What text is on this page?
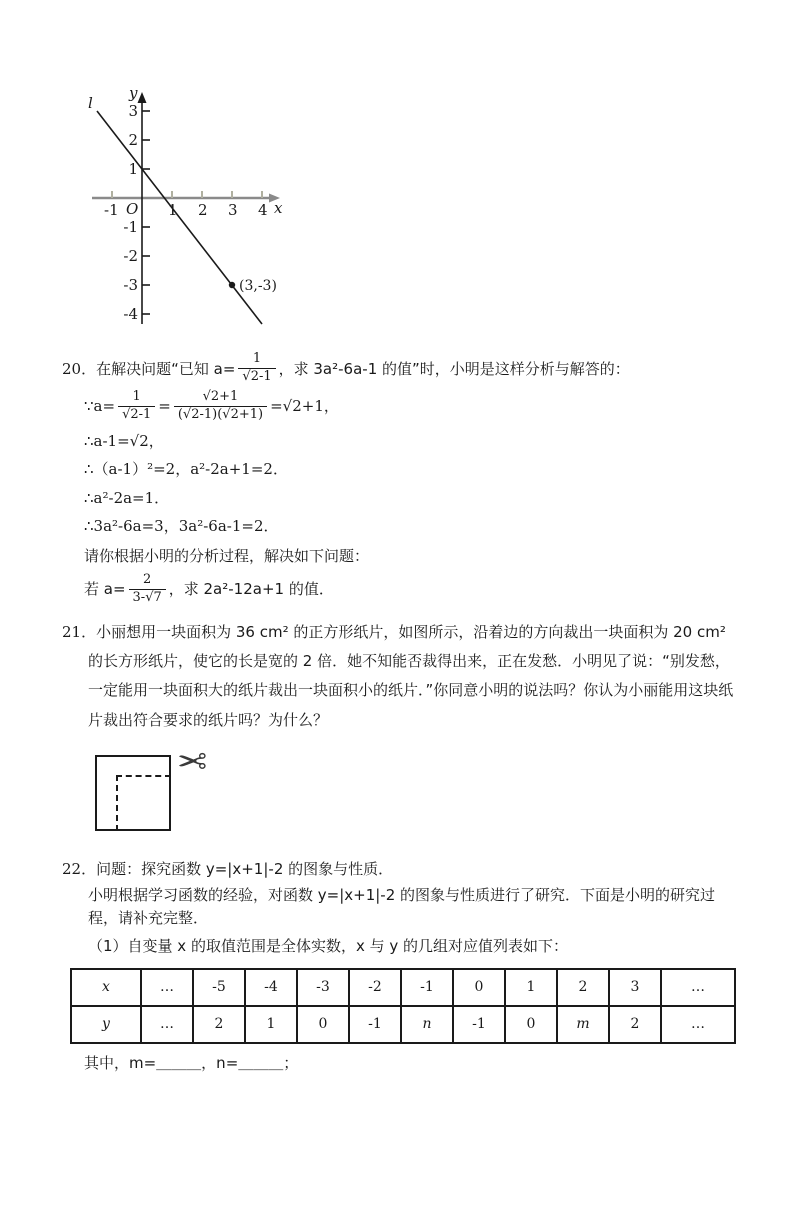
l
y
x
O
-1	1 2 3 4
3
2
1
-1
-2
-3
-4
(3,-3)
20． 在解决问题“已知 $a= \frac{1}{√2-1}$ ，求 3a²-6a-1 的值”时，小明是这样分析与解答的：
∵a= $\frac{1}{√2-1} = \frac{√2+1}{(√2-1)(√2+1)} =√2+1$，
∴a-1=√2，
∴（a-1）²=2，a²-2a+1=2．
∴a²-2a=1．
∴3a²-6a=3，3a²-6a-1=2．
请你根据小明的分析过程，解决如下问题：
若 $a= \frac{2}{3-√7}$ ，求 2a²-12a+1 的值．
21．小丽想用一块面积为 36 cm² 的正方形纸片，如图所示，沿着边的方向裁出一块面积为 20 cm² 的长方形纸片，使它的长是宽的 2 倍．她不知能否裁得出来，正在发愁．小明见了说：“别发愁，一定能用一块面积大的纸片裁出一块面积小的纸片．”你同意小明的说法吗？你认为小丽能用这块纸片裁出符合要求的纸片吗？为什么？
✂
22．问题：探究函数 y=|x+1|-2 的图象与性质．
小明根据学习函数的经验，对函数 y=|x+1|-2 的图象与性质进行了研究．下面是小明的研究过程，请补充完整．
（1）自变量 x 的取值范围是全体实数，x 与 y 的几组对应值列表如下：
x	…	-5	-4	-3	-2	-1	0	1	2	3	…
y	…	2	1	0	-1	n	-1	0	m	2	…
其中，m=＿＿＿，n=＿＿＿；
